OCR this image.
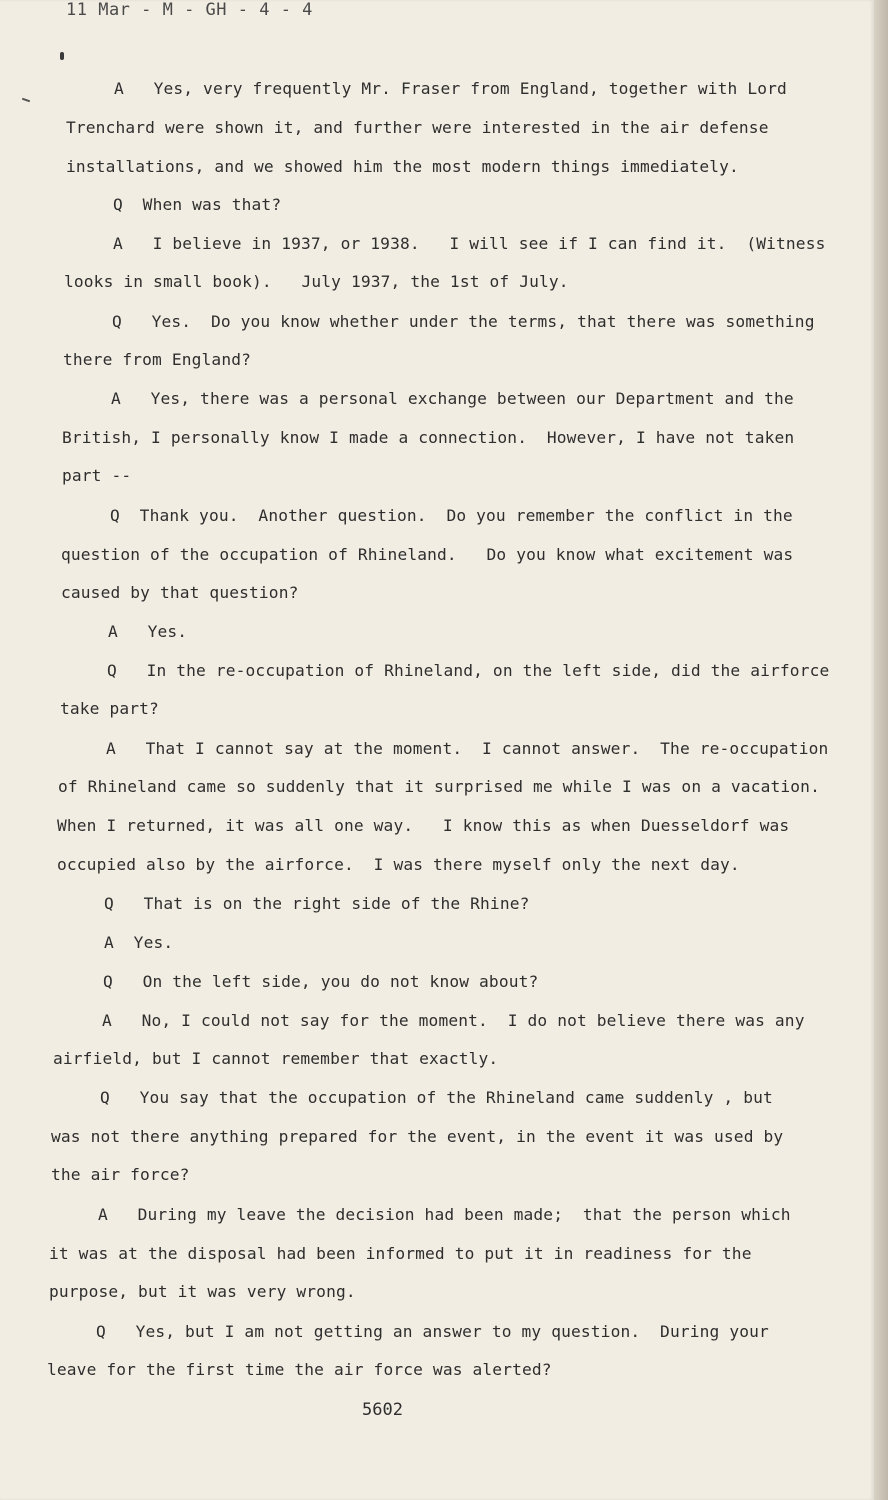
11 Mar - M - GH - 4 - 4
A   Yes, very frequently Mr. Fraser from England, together with Lord
Trenchard were shown it, and further were interested in the air defense
installations, and we showed him the most modern things immediately.
Q  When was that?
A   I believe in 1937, or 1938.   I will see if I can find it.  (Witness
looks in small book).   July 1937, the 1st of July.
Q   Yes.  Do you know whether under the terms, that there was something
there from England?
A   Yes, there was a personal exchange between our Department and the
British, I personally know I made a connection.  However, I have not taken
part --
Q  Thank you.  Another question.  Do you remember the conflict in the
question of the occupation of Rhineland.   Do you know what excitement was
caused by that question?
A   Yes.
Q   In the re-occupation of Rhineland, on the left side, did the airforce
take part?
A   That I cannot say at the moment.  I cannot answer.  The re-occupation
of Rhineland came so suddenly that it surprised me while I was on a vacation.
When I returned, it was all one way.   I know this as when Duesseldorf was
occupied also by the airforce.  I was there myself only the next day.
Q   That is on the right side of the Rhine?
A  Yes.
Q   On the left side, you do not know about?
A   No, I could not say for the moment.  I do not believe there was any
airfield, but I cannot remember that exactly.
Q   You say that the occupation of the Rhineland came suddenly , but
was not there anything prepared for the event, in the event it was used by
the air force?
A   During my leave the decision had been made;  that the person which
it was at the disposal had been informed to put it in readiness for the
purpose, but it was very wrong.
Q   Yes, but I am not getting an answer to my question.  During your
leave for the first time the air force was alerted?
5602
